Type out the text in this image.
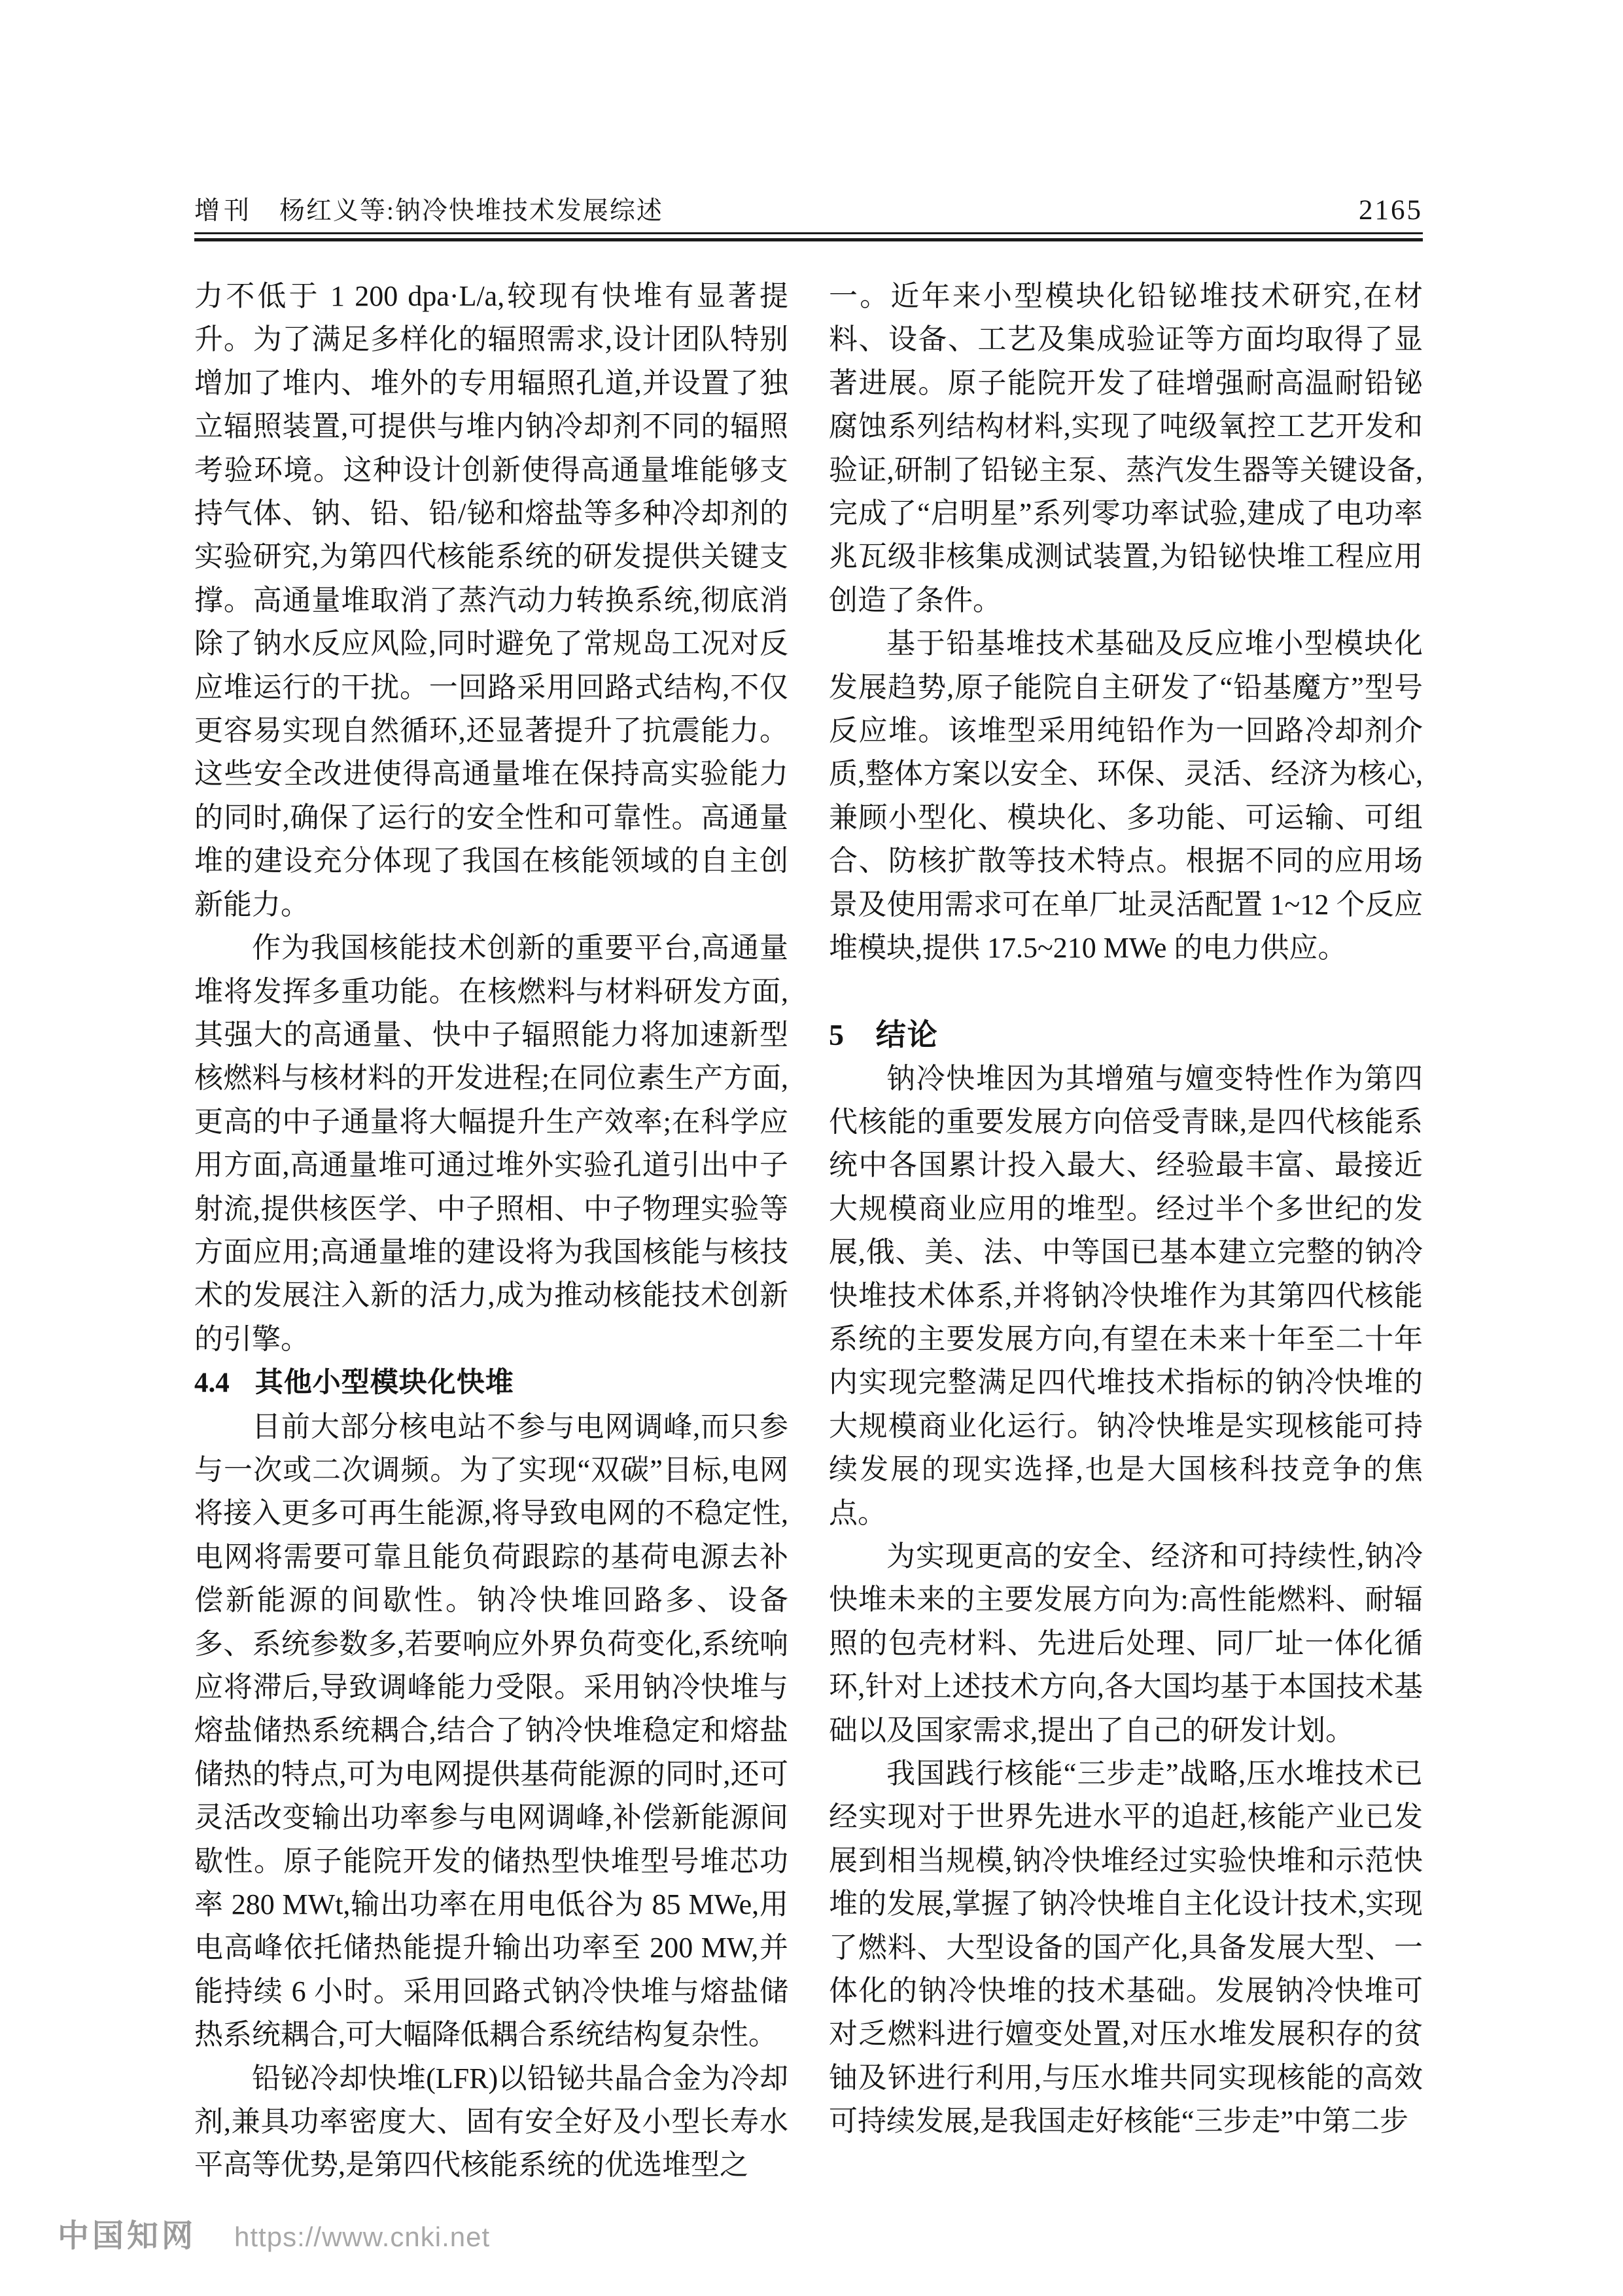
增刊 杨红义等:钠冷快堆技术发展综述	2165

力不低于 1 200 dpa·L/a,较现有快堆有显著提升。为了满足多样化的辐照需求,设计团队特别增加了堆内、堆外的专用辐照孔道,并设置了独立辐照装置,可提供与堆内钠冷却剂不同的辐照考验环境。这种设计创新使得高通量堆能够支持气体、钠、铅、铅/铋和熔盐等多种冷却剂的实验研究,为第四代核能系统的研发提供关键支撑。高通量堆取消了蒸汽动力转换系统,彻底消除了钠水反应风险,同时避免了常规岛工况对反应堆运行的干扰。一回路采用回路式结构,不仅更容易实现自然循环,还显著提升了抗震能力。这些安全改进使得高通量堆在保持高实验能力的同时,确保了运行的安全性和可靠性。高通量堆的建设充分体现了我国在核能领域的自主创新能力。

作为我国核能技术创新的重要平台,高通量堆将发挥多重功能。在核燃料与材料研发方面,其强大的高通量、快中子辐照能力将加速新型核燃料与核材料的开发进程;在同位素生产方面,更高的中子通量将大幅提升生产效率;在科学应用方面,高通量堆可通过堆外实验孔道引出中子射流,提供核医学、中子照相、中子物理实验等方面应用;高通量堆的建设将为我国核能与核技术的发展注入新的活力,成为推动核能技术创新的引擎。

4.4 其他小型模块化快堆

目前大部分核电站不参与电网调峰,而只参与一次或二次调频。为了实现“双碳”目标,电网将接入更多可再生能源,将导致电网的不稳定性,电网将需要可靠且能负荷跟踪的基荷电源去补偿新能源的间歇性。钠冷快堆回路多、设备多、系统参数多,若要响应外界负荷变化,系统响应将滞后,导致调峰能力受限。采用钠冷快堆与熔盐储热系统耦合,结合了钠冷快堆稳定和熔盐储热的特点,可为电网提供基荷能源的同时,还可灵活改变输出功率参与电网调峰,补偿新能源间歇性。原子能院开发的储热型快堆型号堆芯功率 280 MWt,输出功率在用电低谷为 85 MWe,用电高峰依托储热能提升输出功率至 200 MW,并能持续 6 小时。采用回路式钠冷快堆与熔盐储热系统耦合,可大幅降低耦合系统结构复杂性。

铅铋冷却快堆(LFR)以铅铋共晶合金为冷却剂,兼具功率密度大、固有安全好及小型长寿水平高等优势,是第四代核能系统的优选堆型之

一。近年来小型模块化铅铋堆技术研究,在材料、设备、工艺及集成验证等方面均取得了显著进展。原子能院开发了硅增强耐高温耐铅铋腐蚀系列结构材料,实现了吨级氧控工艺开发和验证,研制了铅铋主泵、蒸汽发生器等关键设备,完成了“启明星”系列零功率试验,建成了电功率兆瓦级非核集成测试装置,为铅铋快堆工程应用创造了条件。

基于铅基堆技术基础及反应堆小型模块化发展趋势,原子能院自主研发了“铅基魔方”型号反应堆。该堆型采用纯铅作为一回路冷却剂介质,整体方案以安全、环保、灵活、经济为核心,兼顾小型化、模块化、多功能、可运输、可组合、防核扩散等技术特点。根据不同的应用场景及使用需求可在单厂址灵活配置 1~12 个反应堆模块,提供 17.5~210 MWe 的电力供应。

5 结论

钠冷快堆因为其增殖与嬗变特性作为第四代核能的重要发展方向倍受青睐,是四代核能系统中各国累计投入最大、经验最丰富、最接近大规模商业应用的堆型。经过半个多世纪的发展,俄、美、法、中等国已基本建立完整的钠冷快堆技术体系,并将钠冷快堆作为其第四代核能系统的主要发展方向,有望在未来十年至二十年内实现完整满足四代堆技术指标的钠冷快堆的大规模商业化运行。钠冷快堆是实现核能可持续发展的现实选择,也是大国核科技竞争的焦点。

为实现更高的安全、经济和可持续性,钠冷快堆未来的主要发展方向为:高性能燃料、耐辐照的包壳材料、先进后处理、同厂址一体化循环,针对上述技术方向,各大国均基于本国技术基础以及国家需求,提出了自己的研发计划。

我国践行核能“三步走”战略,压水堆技术已经实现对于世界先进水平的追赶,核能产业已发展到相当规模,钠冷快堆经过实验快堆和示范快堆的发展,掌握了钠冷快堆自主化设计技术,实现了燃料、大型设备的国产化,具备发展大型、一体化的钠冷快堆的技术基础。发展钠冷快堆可对乏燃料进行嬗变处置,对压水堆发展积存的贫铀及钚进行利用,与压水堆共同实现核能的高效可持续发展,是我国走好核能“三步走”中第二步

中国知网 https://www.cnki.net
